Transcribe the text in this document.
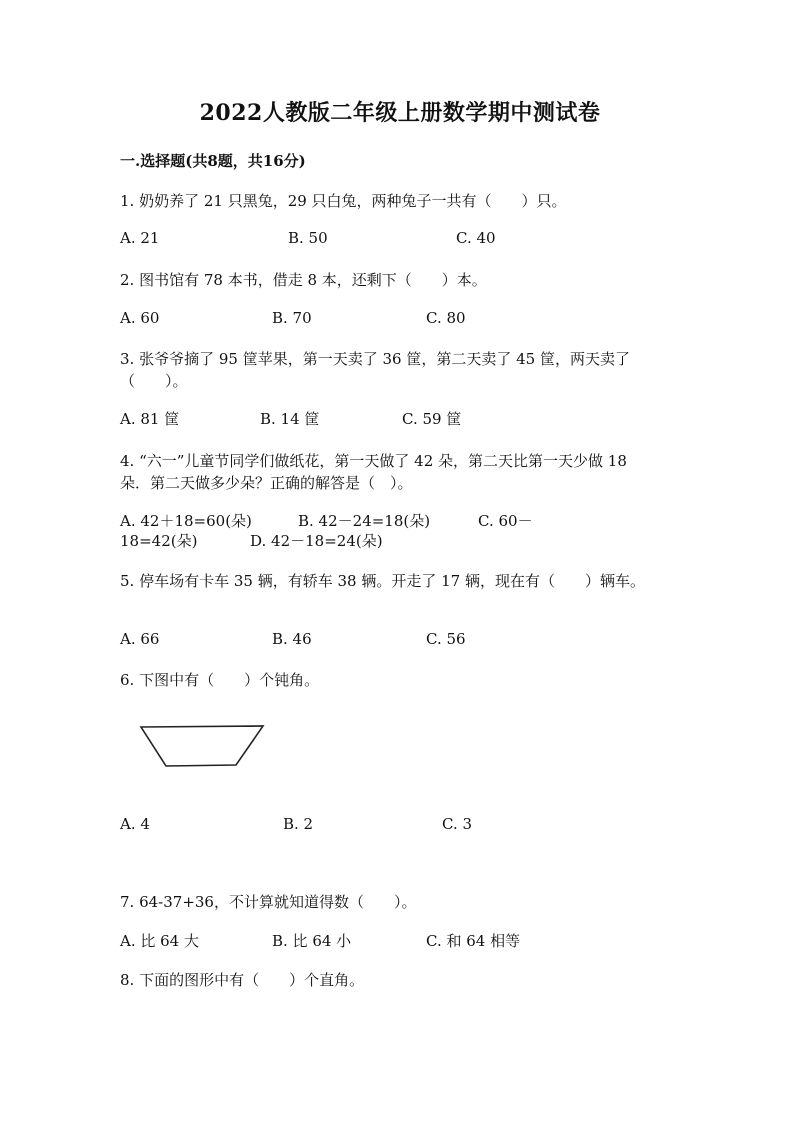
2022人教版二年级上册数学期中测试卷
一.选择题(共8题，共16分)
1. 奶奶养了 21 只黑兔，29 只白兔，两种兔子一共有（　　）只。
A. 21	B. 50	C. 40
2. 图书馆有 78 本书，借走 8 本，还剩下（　　）本。
A. 60	B. 70	C. 80
3. 张爷爷摘了 95 筐苹果，第一天卖了 36 筐，第二天卖了 45 筐，两天卖了
（　　）。
A. 81 筐	B. 14 筐	C. 59 筐
4. “六一”儿童节同学们做纸花，第一天做了 42 朵，第二天比第一天少做 18
朵．第二天做多少朵？正确的解答是（　）。
A. 42＋18=60(朵)	B. 42－24=18(朵)	C. 60－
18=42(朵)	D. 42－18=24(朵)
5. 停车场有卡车 35 辆，有轿车 38 辆。开走了 17 辆，现在有（　　）辆车。
A. 66	B. 46	C. 56
6. 下图中有（　　）个钝角。
A. 4	B. 2	C. 3
7. 64-37+36，不计算就知道得数（　　）。
A. 比 64 大	B. 比 64 小	C. 和 64 相等
8. 下面的图形中有（　　）个直角。
